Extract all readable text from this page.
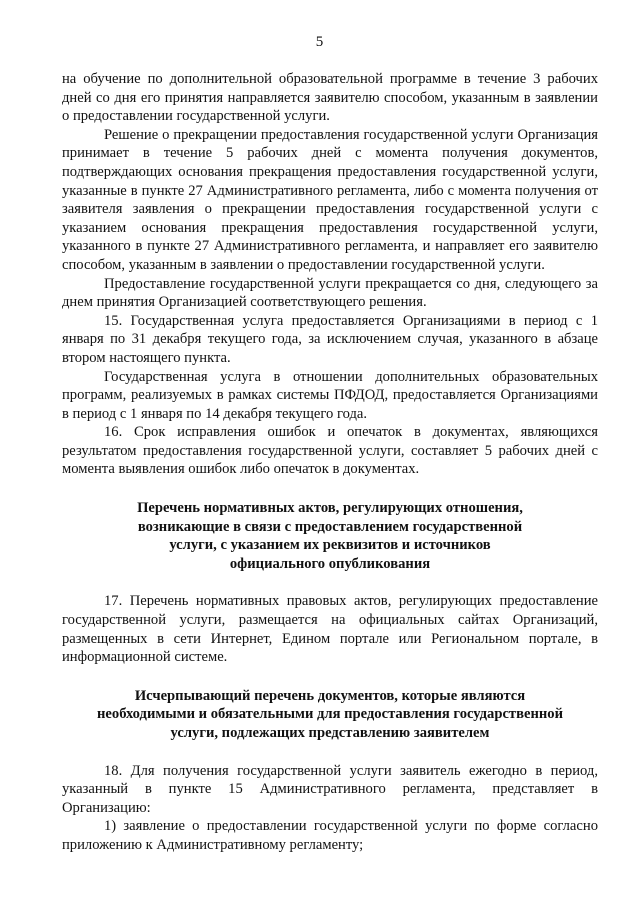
5

на обучение по дополнительной образовательной программе в течение 3 рабочих дней со дня его принятия направляется заявителю способом, указанным в заявлении о предоставлении государственной услуги.

Решение о прекращении предоставления государственной услуги Организация принимает в течение 5 рабочих дней с момента получения документов, подтверждающих основания прекращения предоставления государственной услуги, указанные в пункте 27 Административного регламента, либо с момента получения от заявителя заявления о прекращении предоставления государственной услуги с указанием основания прекращения предоставления государственной услуги, указанного в пункте 27 Административного регламента, и направляет его заявителю способом, указанным в заявлении о предоставлении государственной услуги.

Предоставление государственной услуги прекращается со дня, следующего за днем принятия Организацией соответствующего решения.

15. Государственная услуга предоставляется Организациями в период с 1 января по 31 декабря текущего года, за исключением случая, указанного в абзаце втором настоящего пункта.

Государственная услуга в отношении дополнительных образовательных программ, реализуемых в рамках системы ПФДОД, предоставляется Организациями в период с 1 января по 14 декабря текущего года.

16. Срок исправления ошибок и опечаток в документах, являющихся результатом предоставления государственной услуги, составляет 5 рабочих дней с момента выявления ошибок либо опечаток в документах.

Перечень нормативных актов, регулирующих отношения,
возникающие в связи с предоставлением государственной
услуги, с указанием их реквизитов и источников
официального опубликования

17. Перечень нормативных правовых актов, регулирующих предоставление государственной услуги, размещается на официальных сайтах Организаций, размещенных в сети Интернет, Едином портале или Региональном портале, в информационной системе.

Исчерпывающий перечень документов, которые являются
необходимыми и обязательными для предоставления государственной
услуги, подлежащих представлению заявителем

18. Для получения государственной услуги заявитель ежегодно в период, указанный в пункте 15 Административного регламента, представляет в Организацию:

1) заявление о предоставлении государственной услуги по форме согласно приложению к Административному регламенту;
